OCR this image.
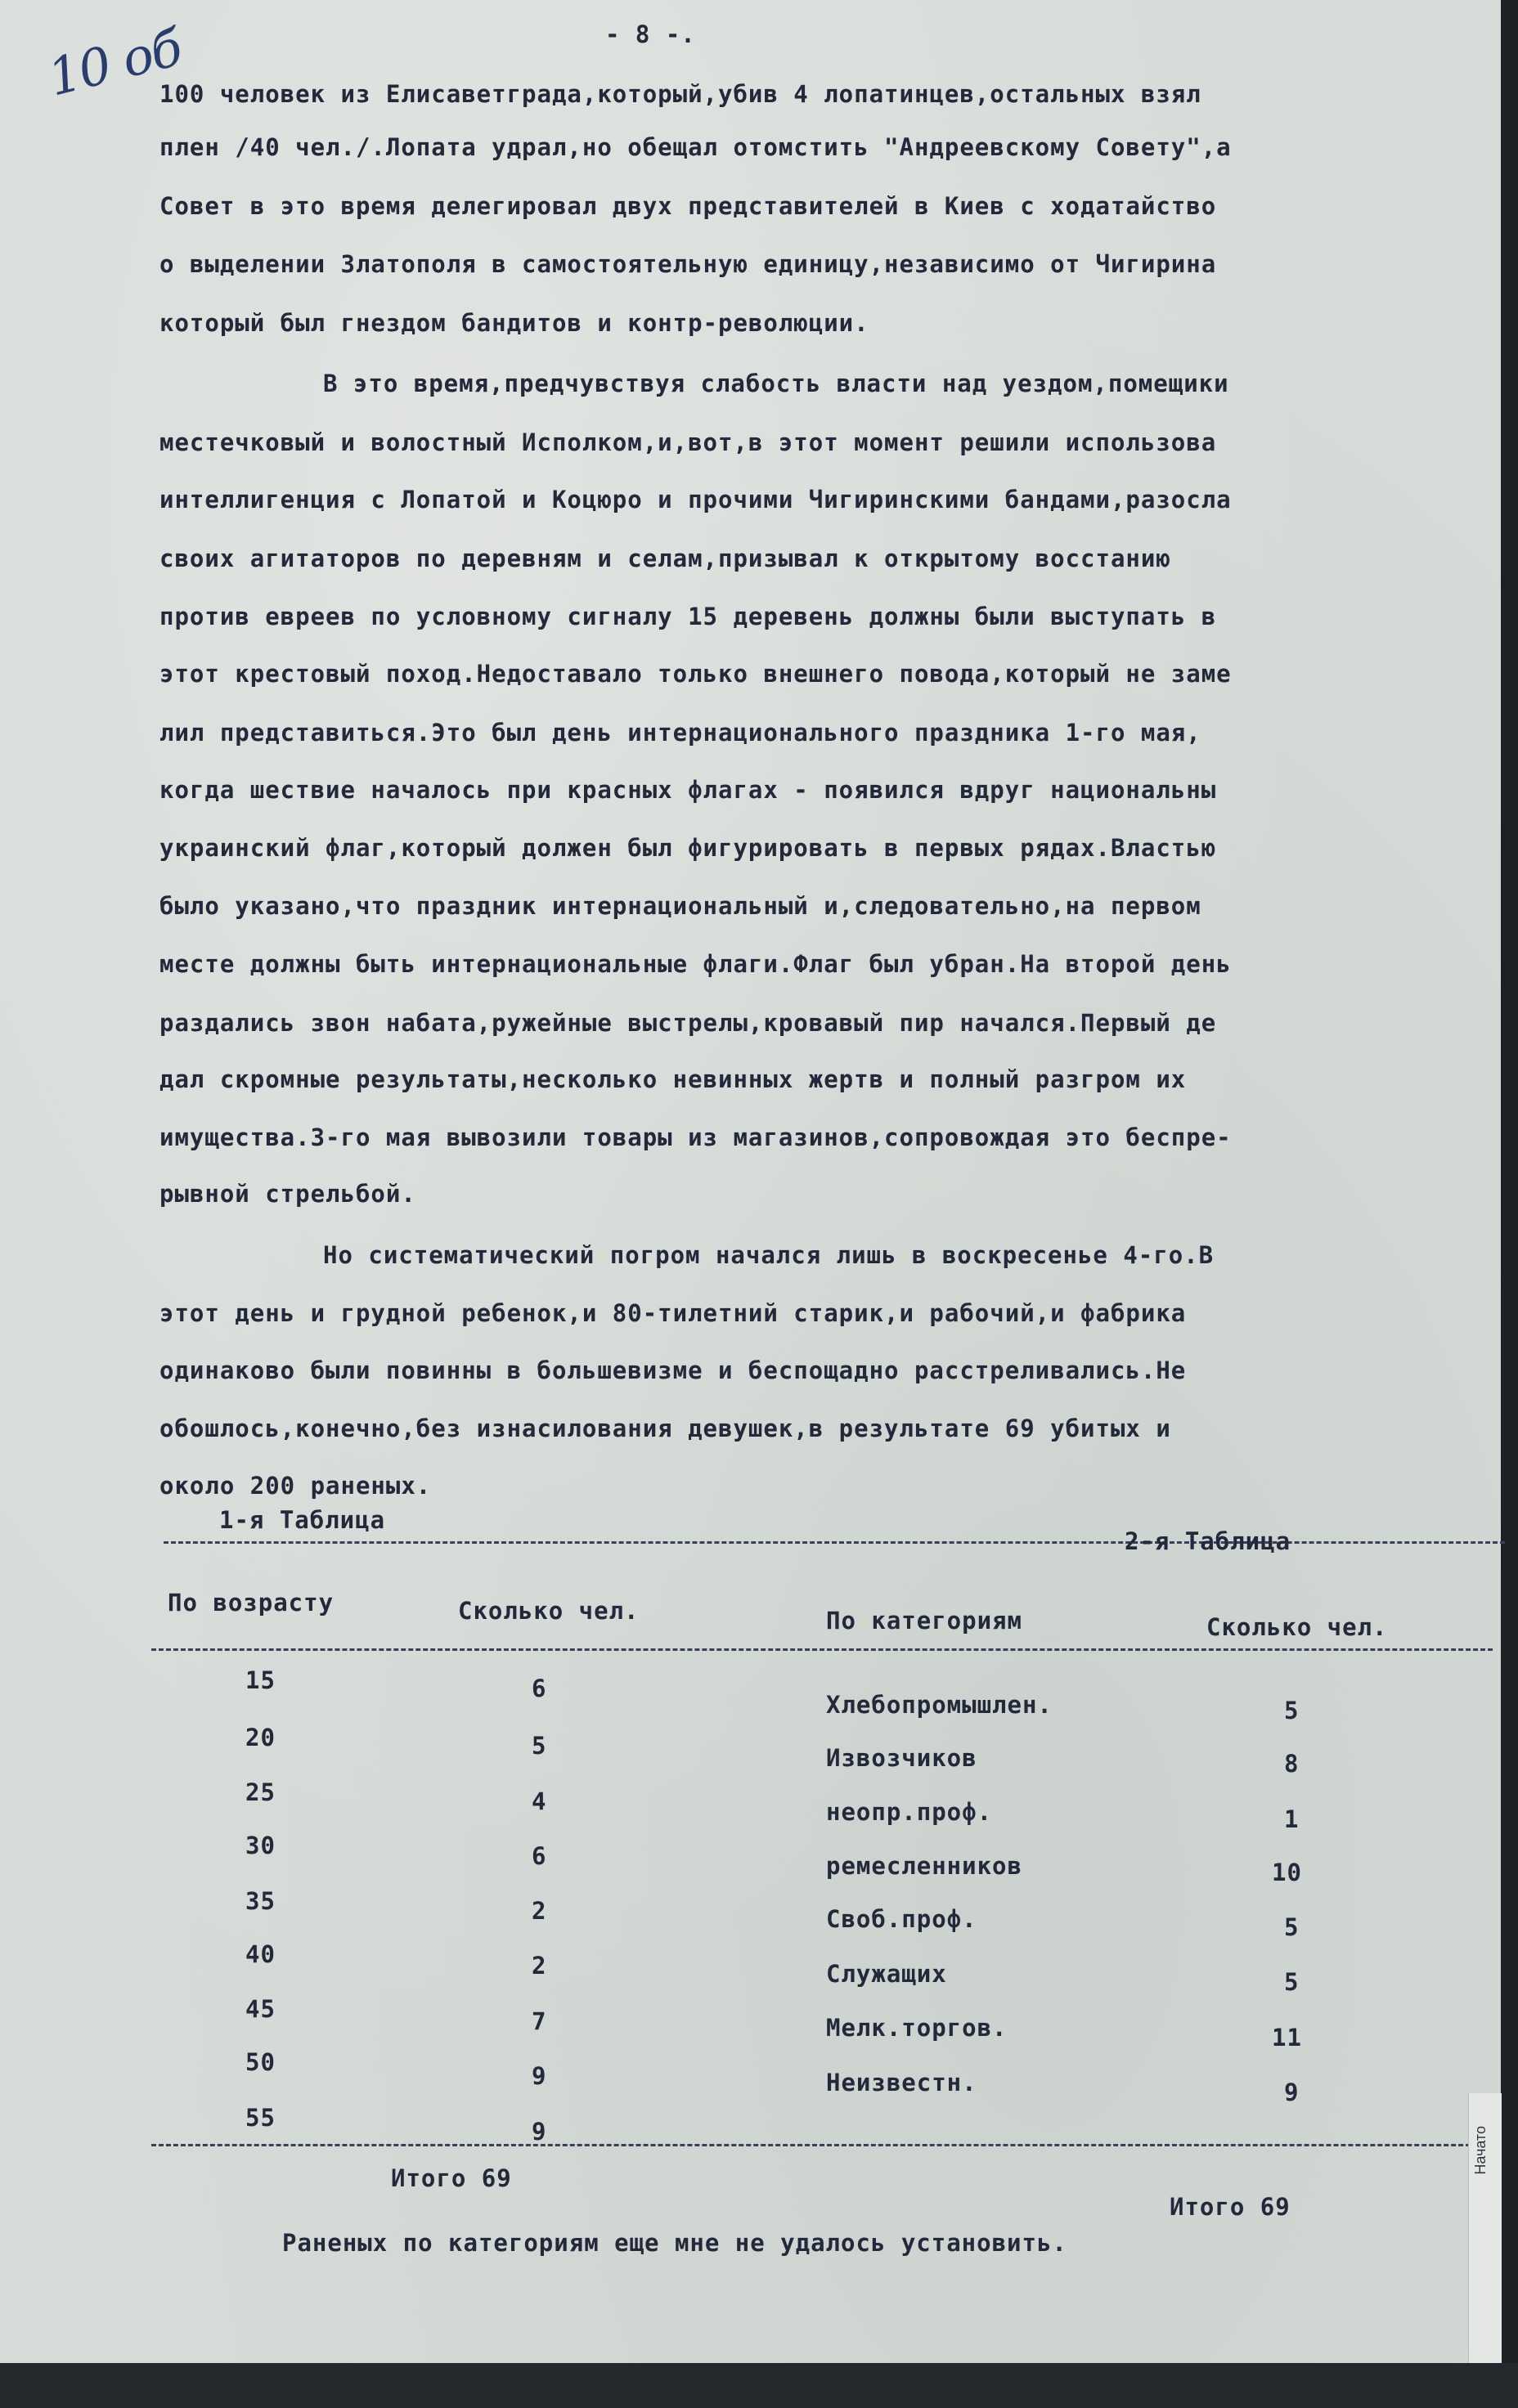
- 8 -.
10 об
100 человек из Елисаветграда,который,убив 4 лопатинцев,остальных взял
плен /40 чел./.Лопата удрал,но обещал отомстить "Андреевскому Совету",а
Совет в это время делегировал двух представителей в Киев с ходатайство
о выделении Златополя в самостоятельную единицу,независимо от Чигирина
который был гнездом бандитов и контр-революции.
В это время,предчувствуя слабость власти над уездом,помещики
местечковый и волостный Исполком,и,вот,в этот момент решили использова
интеллигенция с Лопатой и Коцюро и прочими Чигиринскими бандами,разосла
своих агитаторов по деревням и селам,призывал к открытому восстанию
против евреев по условному сигналу 15 деревень должны были выступать в
этот крестовый поход.Недоставало только внешнего повода,который не заме
лил представиться.Это был день интернационального праздника 1-го мая,
когда шествие началось при красных флагах - появился вдруг национальны
украинский флаг,который должен был фигурировать в первых рядах.Властью
было указано,что праздник интернациональный и,следовательно,на первом
месте должны быть интернациональные флаги.Флаг был убран.На второй день
раздались звон набата,ружейные выстрелы,кровавый пир начался.Первый де
дал скромные результаты,несколько невинных жертв и полный разгром их
имущества.3-го мая вывозили товары из магазинов,сопровождая это беспре-
рывной стрельбой.
Но систематический погром начался лишь в воскресенье 4-го.В
этот день и грудной ребенок,и 80-тилетний старик,и рабочий,и фабрика
одинаково были повинны в большевизме и беспощадно расстреливались.Не
обошлось,конечно,без изнасилования девушек,в результате 69 убитых и
около 200 раненых.
1-я Таблица
По возрасту	Сколько чел.
15	6
20	5
25	4
30	6
35	2
40	2
45	7
50	9
55	9
Итого 69
2-я Таблица
По категориям	Сколько чел.
Хлебопромышлен.	5
Извозчиков	8
неопр.проф.	1
ремесленников	10
Своб.проф.	5
Служащих	5
Мелк.торгов.	11
Неизвестн.	9
Итого 69
Раненых по категориям еще мне не удалось установить.
Начато
